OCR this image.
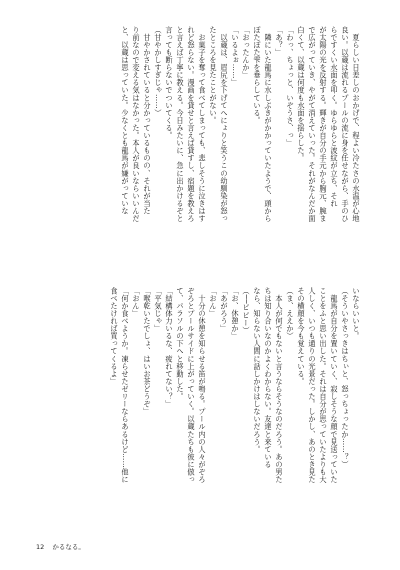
　夏らしい日差しのおかげで、程よい冷たさの水温が心地
良い。以蔵は流れるプールの流に身を任せながら、手のひ
らですくい水面を叩く。ゆらゆらと波紋が立ち、それ
が太陽の光を反射する。輝きが自分の手元から胸元、腕ま
で広がっていき、やがて消えていった。それがなんだか面
白くて、以蔵は何度も水面を揺らした。
「わっ、ちょっと、いぞうさ、っ」
「あ？」
　隣にいた龍馬に水しぶきがかかっていたようで、頭から
ぽたぽた雫を垂らしている。
「おったんか」
「いるよぉ……」
　以蔵は、眉尻を下げてへにょりと笑うこの幼馴染が怒っ
たところを見たことがない。
　お菓子を奪って食べてしまっても、悲しそうに泣きはす
れど怒らない。漫画を貸せと言えば貸すし、宿題を教えろ
と言えば丁寧に教える。今日みたいに、急に出かけるぞと
言っても断らないでついてくる。
（甘やかしすぎじゃ……）
　甘やかされていると分かっているものの、それが当た
り前なので変える気はなかった。本人が良いならいいんだ
と、以蔵は思っていた。少なくとも龍馬が嫌がっていな
いならいいと。
（そういやさっきはちぃと、怒っちょったか……？）
　龍馬が自分を置いていく、寂しそうな顔で見送っていた
ことをふと思い出した。それは自分が思っていたよりも大
人しく、いつも通りの光景だった。しかし、あのとき見た
その横顔を今も覚えている。
（ま、ええか）
　本人が何でもないと言うならそうなのだろう。あの男た
ちは知り合いなのかよくわからない。友達と来ている
なら、知らない人間に話しかけはしないだろう。
（──ピピー）
「お、休憩か」
「あがろう」
「おん」
　十分の休憩を知らせる笛が鳴る。プール内の人々がぞろ
ぞろとプールサイドに上がっていく。以蔵たちも彼に倣っ
て、パラソルの下へと移動した。
「結構体力いるな、疲れてない？」
「平気じゃ」
「喉乾いたでしょ、はいお茶どうぞ」
「おん」
「何か食べようか。凍らせたゼリーならあるけど……他に
食べたければ買ってくるよ」
12 かるなる。
